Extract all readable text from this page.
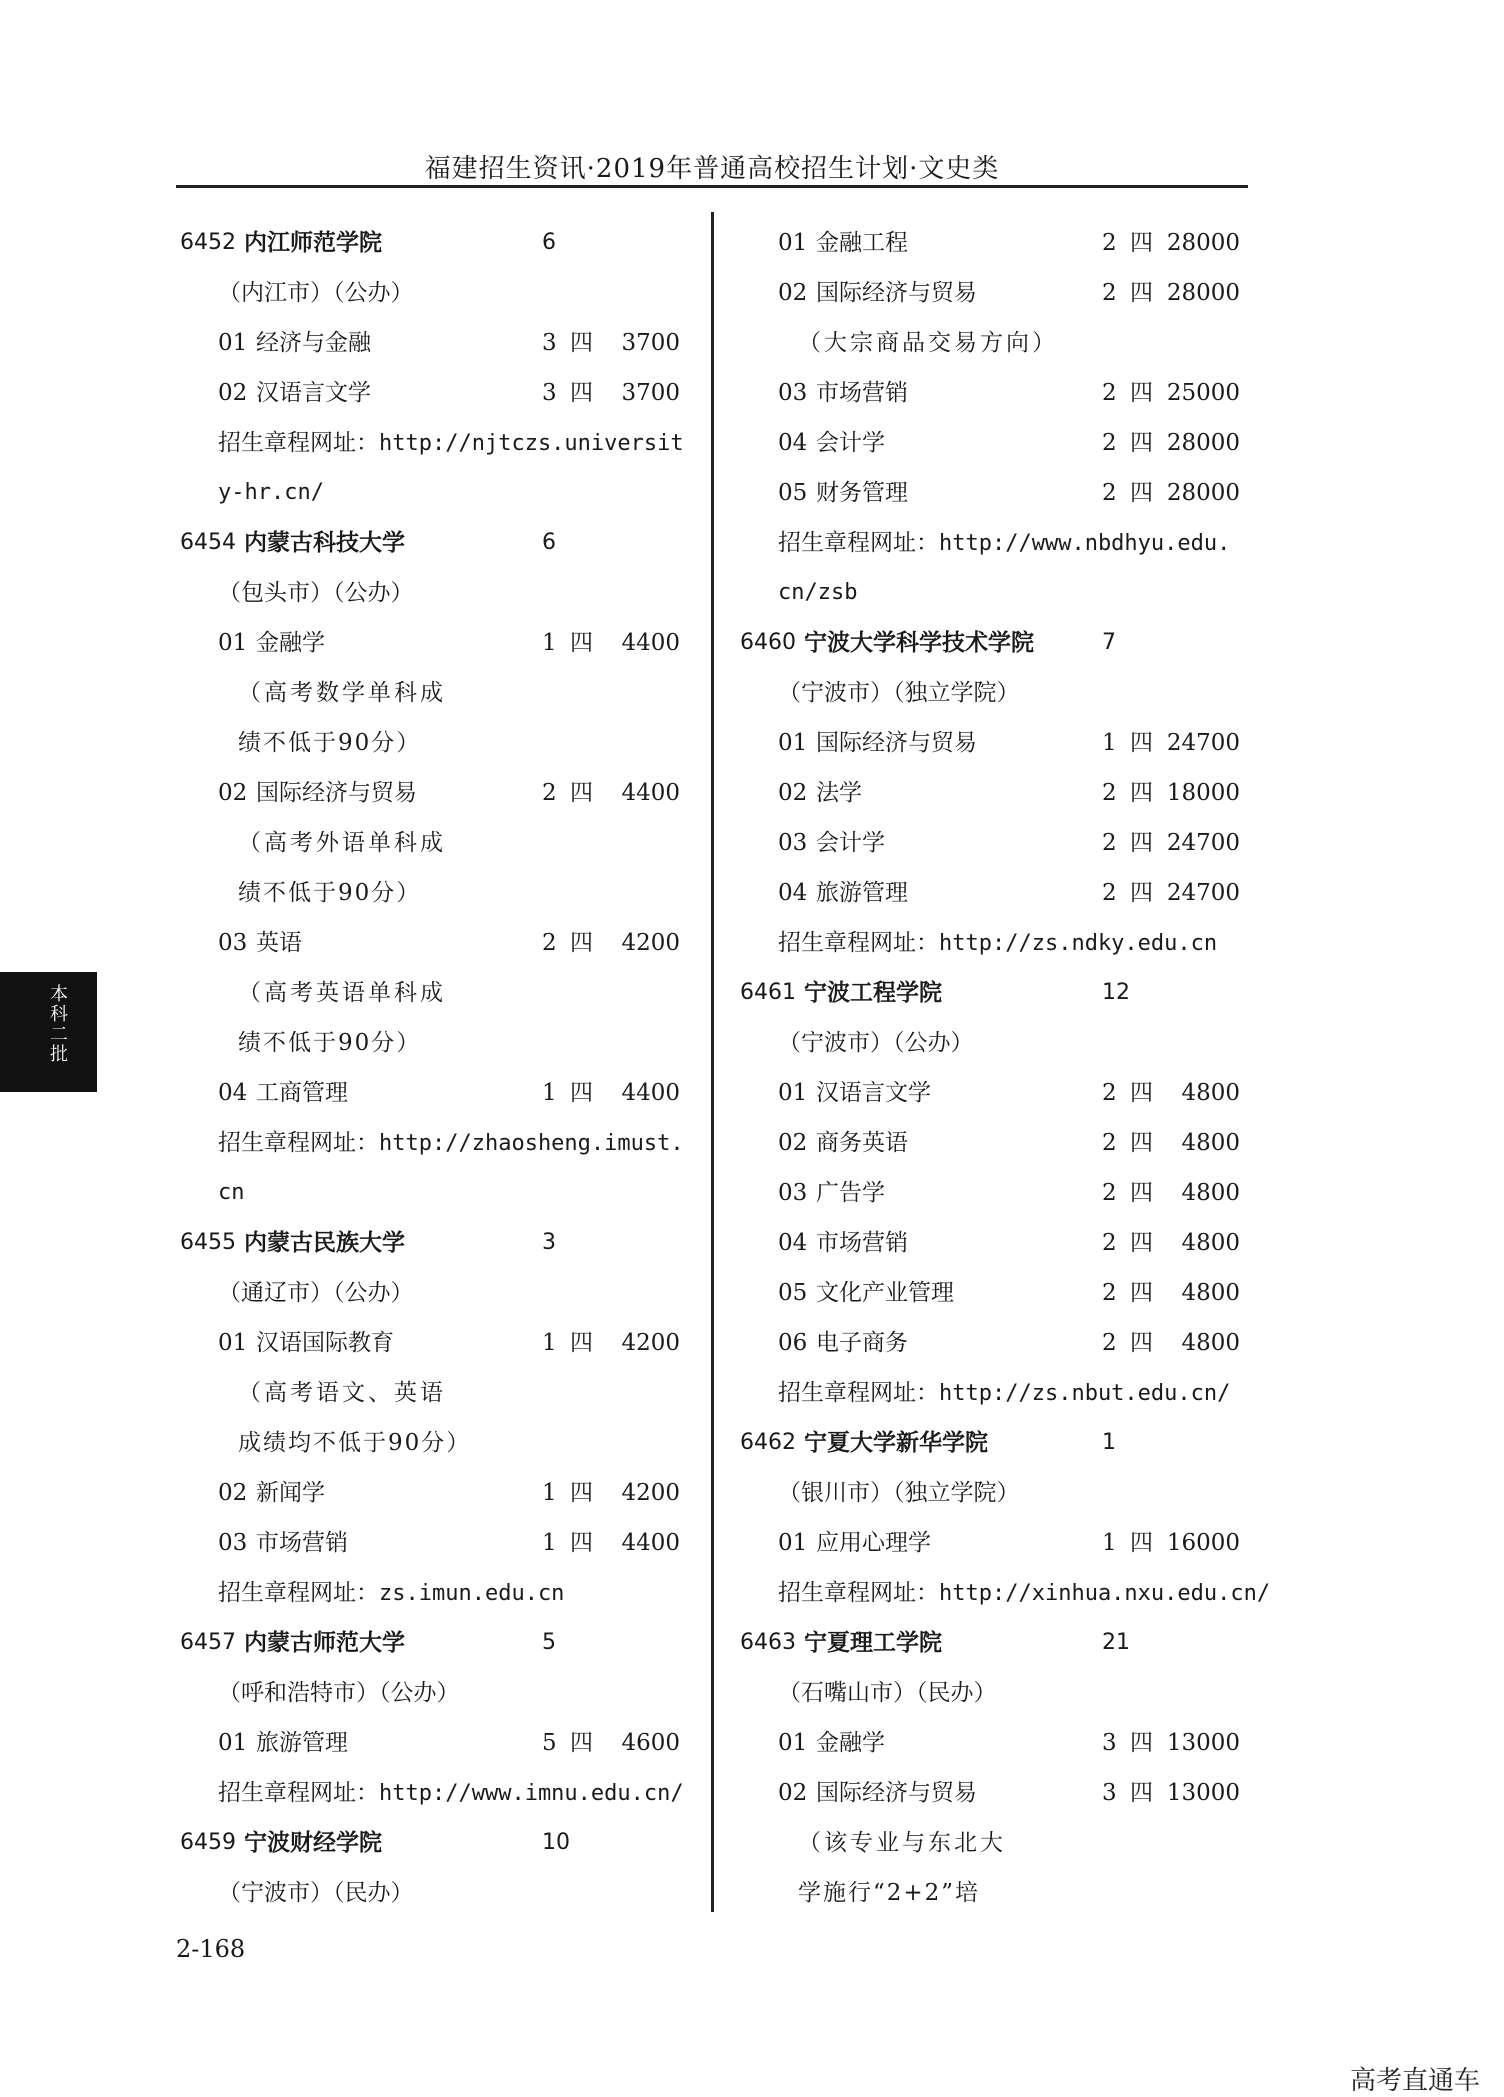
福建招生资讯·2019年普通高校招生计划·文史类
6452 内江师范学院	6
（内江市）（公办）
01 经济与金融	3 四 3700
02 汉语言文学	3 四 3700
招生章程网址：http://njtczs.universit
y-hr.cn/
6454 内蒙古科技大学	6
（包头市）（公办）
01 金融学	1 四 4400
（高考数学单科成
绩不低于90分）
02 国际经济与贸易	2 四 4400
（高考外语单科成
绩不低于90分）
03 英语	2 四 4200
（高考英语单科成
绩不低于90分）
04 工商管理	1 四 4400
招生章程网址：http://zhaosheng.imust.
cn
6455 内蒙古民族大学	3
（通辽市）（公办）
01 汉语国际教育	1 四 4200
（高考语文、英语
成绩均不低于90分）
02 新闻学	1 四 4200
03 市场营销	1 四 4400
招生章程网址：zs.imun.edu.cn
6457 内蒙古师范大学	5
（呼和浩特市）（公办）
01 旅游管理	5 四 4600
招生章程网址：http://www.imnu.edu.cn/
6459 宁波财经学院	10
（宁波市）（民办）
01 金融工程	2 四 28000
02 国际经济与贸易	2 四 28000
（大宗商品交易方向）
03 市场营销	2 四 25000
04 会计学	2 四 28000
05 财务管理	2 四 28000
招生章程网址：http://www.nbdhyu.edu.
cn/zsb
6460 宁波大学科学技术学院	7
（宁波市）（独立学院）
01 国际经济与贸易	1 四 24700
02 法学	2 四 18000
03 会计学	2 四 24700
04 旅游管理	2 四 24700
招生章程网址：http://zs.ndky.edu.cn
6461 宁波工程学院	12
（宁波市）（公办）
01 汉语言文学	2 四 4800
02 商务英语	2 四 4800
03 广告学	2 四 4800
04 市场营销	2 四 4800
05 文化产业管理	2 四 4800
06 电子商务	2 四 4800
招生章程网址：http://zs.nbut.edu.cn/
6462 宁夏大学新华学院	1
（银川市）（独立学院）
01 应用心理学	1 四 16000
招生章程网址：http://xinhua.nxu.edu.cn/
6463 宁夏理工学院	21
（石嘴山市）（民办）
01 金融学	3 四 13000
02 国际经济与贸易	3 四 13000
（该专业与东北大
学施行“2+2”培
2-168
本科二批
高考直通车
